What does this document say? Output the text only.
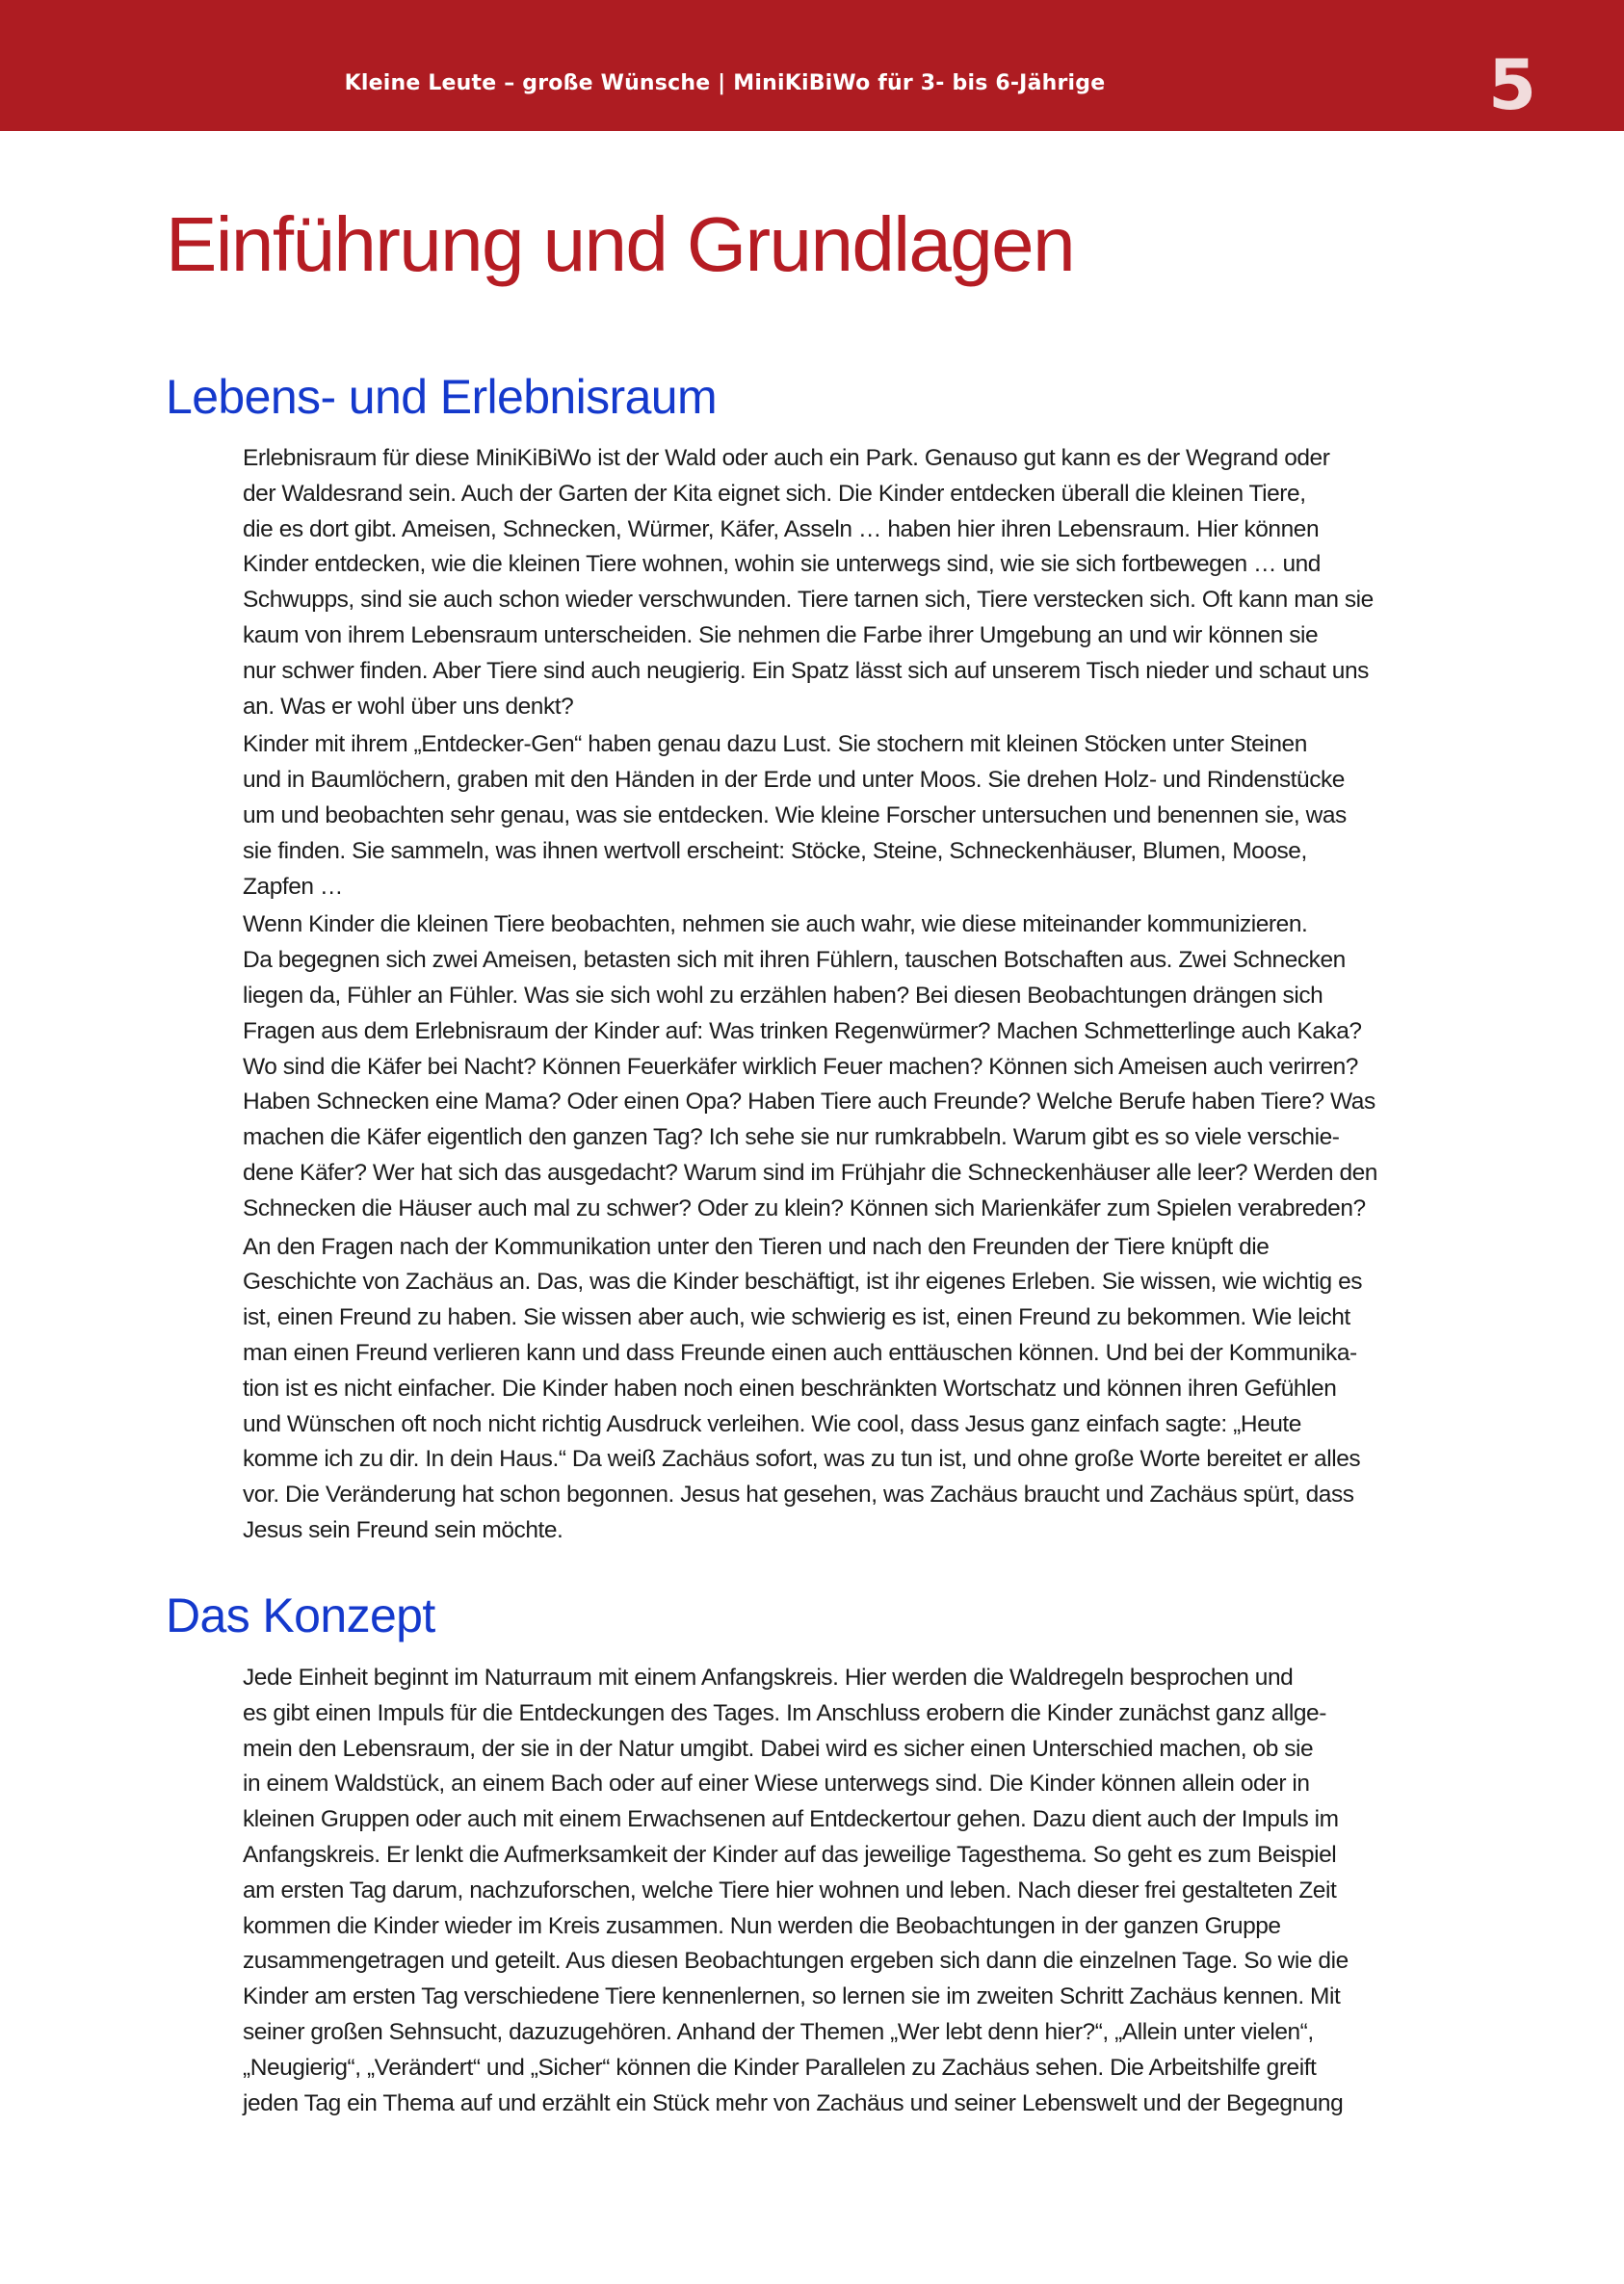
Kleine Leute – große Wünsche | MiniKiBiWo für 3- bis 6-Jährige	5
Einführung und Grundlagen
Lebens- und Erlebnisraum

Erlebnisraum für diese MiniKiBiWo ist der Wald oder auch ein Park. Genauso gut kann es der Wegrand oder
der Waldesrand sein. Auch der Garten der Kita eignet sich. Die Kinder entdecken überall die kleinen Tiere,
die es dort gibt. Ameisen, Schnecken, Würmer, Käfer, Asseln … haben hier ihren Lebensraum. Hier können
Kinder entdecken, wie die kleinen Tiere wohnen, wohin sie unterwegs sind, wie sie sich fortbewegen … und
Schwupps, sind sie auch schon wieder verschwunden. Tiere tarnen sich, Tiere verstecken sich. Oft kann man sie
kaum von ihrem Lebensraum unterscheiden. Sie nehmen die Farbe ihrer Umgebung an und wir können sie
nur schwer finden. Aber Tiere sind auch neugierig. Ein Spatz lässt sich auf unserem Tisch nieder und schaut uns
an. Was er wohl über uns denkt?

Kinder mit ihrem „Entdecker-Gen“ haben genau dazu Lust. Sie stochern mit kleinen Stöcken unter Steinen
und in Baumlöchern, graben mit den Händen in der Erde und unter Moos. Sie drehen Holz- und Rindenstücke
um und beobachten sehr genau, was sie entdecken. Wie kleine Forscher untersuchen und benennen sie, was
sie finden. Sie sammeln, was ihnen wertvoll erscheint: Stöcke, Steine, Schneckenhäuser, Blumen, Moose,
Zapfen …

Wenn Kinder die kleinen Tiere beobachten, nehmen sie auch wahr, wie diese miteinander kommunizieren.
Da begegnen sich zwei Ameisen, betasten sich mit ihren Fühlern, tauschen Botschaften aus. Zwei Schnecken
liegen da, Fühler an Fühler. Was sie sich wohl zu erzählen haben? Bei diesen Beobachtungen drängen sich
Fragen aus dem Erlebnisraum der Kinder auf: Was trinken Regenwürmer? Machen Schmetterlinge auch Kaka?
Wo sind die Käfer bei Nacht? Können Feuerkäfer wirklich Feuer machen? Können sich Ameisen auch verirren?
Haben Schnecken eine Mama? Oder einen Opa? Haben Tiere auch Freunde? Welche Berufe haben Tiere? Was
machen die Käfer eigentlich den ganzen Tag? Ich sehe sie nur rumkrabbeln. Warum gibt es so viele verschie-
dene Käfer? Wer hat sich das ausgedacht? Warum sind im Frühjahr die Schneckenhäuser alle leer? Werden den
Schnecken die Häuser auch mal zu schwer? Oder zu klein? Können sich Marienkäfer zum Spielen verabreden?

An den Fragen nach der Kommunikation unter den Tieren und nach den Freunden der Tiere knüpft die
Geschichte von Zachäus an. Das, was die Kinder beschäftigt, ist ihr eigenes Erleben. Sie wissen, wie wichtig es
ist, einen Freund zu haben. Sie wissen aber auch, wie schwierig es ist, einen Freund zu bekommen. Wie leicht
man einen Freund verlieren kann und dass Freunde einen auch enttäuschen können. Und bei der Kommunika-
tion ist es nicht einfacher. Die Kinder haben noch einen beschränkten Wortschatz und können ihren Gefühlen
und Wünschen oft noch nicht richtig Ausdruck verleihen. Wie cool, dass Jesus ganz einfach sagte: „Heute
komme ich zu dir. In dein Haus.“ Da weiß Zachäus sofort, was zu tun ist, und ohne große Worte bereitet er alles
vor. Die Veränderung hat schon begonnen. Jesus hat gesehen, was Zachäus braucht und Zachäus spürt, dass
Jesus sein Freund sein möchte.

Das Konzept

Jede Einheit beginnt im Naturraum mit einem Anfangskreis. Hier werden die Waldregeln besprochen und
es gibt einen Impuls für die Entdeckungen des Tages. Im Anschluss erobern die Kinder zunächst ganz allge-
mein den Lebensraum, der sie in der Natur umgibt. Dabei wird es sicher einen Unterschied machen, ob sie
in einem Waldstück, an einem Bach oder auf einer Wiese unterwegs sind. Die Kinder können allein oder in
kleinen Gruppen oder auch mit einem Erwachsenen auf Entdeckertour gehen. Dazu dient auch der Impuls im
Anfangskreis. Er lenkt die Aufmerksamkeit der Kinder auf das jeweilige Tagesthema. So geht es zum Beispiel
am ersten Tag darum, nachzuforschen, welche Tiere hier wohnen und leben. Nach dieser frei gestalteten Zeit
kommen die Kinder wieder im Kreis zusammen. Nun werden die Beobachtungen in der ganzen Gruppe
zusammengetragen und geteilt. Aus diesen Beobachtungen ergeben sich dann die einzelnen Tage. So wie die
Kinder am ersten Tag verschiedene Tiere kennenlernen, so lernen sie im zweiten Schritt Zachäus kennen. Mit
seiner großen Sehnsucht, dazuzugehören. Anhand der Themen „Wer lebt denn hier?“, „Allein unter vielen“,
„Neugierig“, „Verändert“ und „Sicher“ können die Kinder Parallelen zu Zachäus sehen. Die Arbeitshilfe greift
jeden Tag ein Thema auf und erzählt ein Stück mehr von Zachäus und seiner Lebenswelt und der Begegnung
